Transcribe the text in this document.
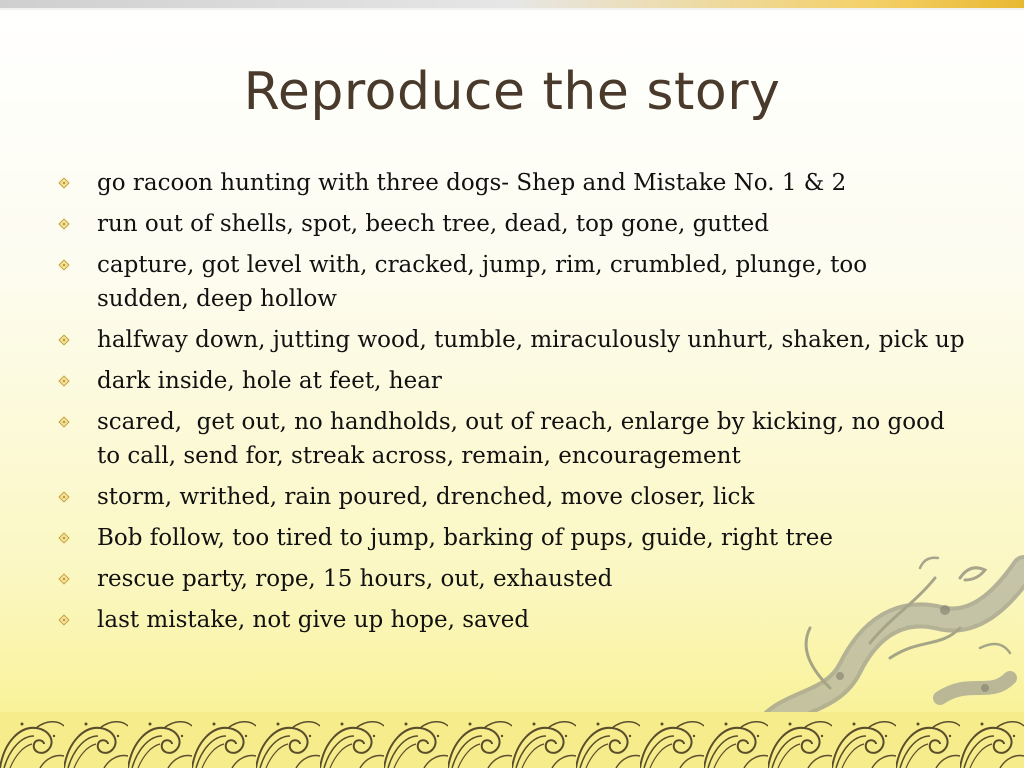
Reproduce the story
go racoon hunting with three dogs- Shep and Mistake No. 1 & 2
run out of shells, spot, beech tree, dead, top gone, gutted
capture, got level with, cracked, jump, rim, crumbled, plunge, too sudden, deep hollow
halfway down, jutting wood, tumble, miraculously unhurt, shaken, pick up
dark inside, hole at feet, hear
scared,  get out, no handholds, out of reach, enlarge by kicking, no good to call, send for, streak across, remain, encouragement
storm, writhed, rain poured, drenched, move closer, lick
Bob follow, too tired to jump, barking of pups, guide, right tree
rescue party, rope, 15 hours, out, exhausted
last mistake, not give up hope, saved
